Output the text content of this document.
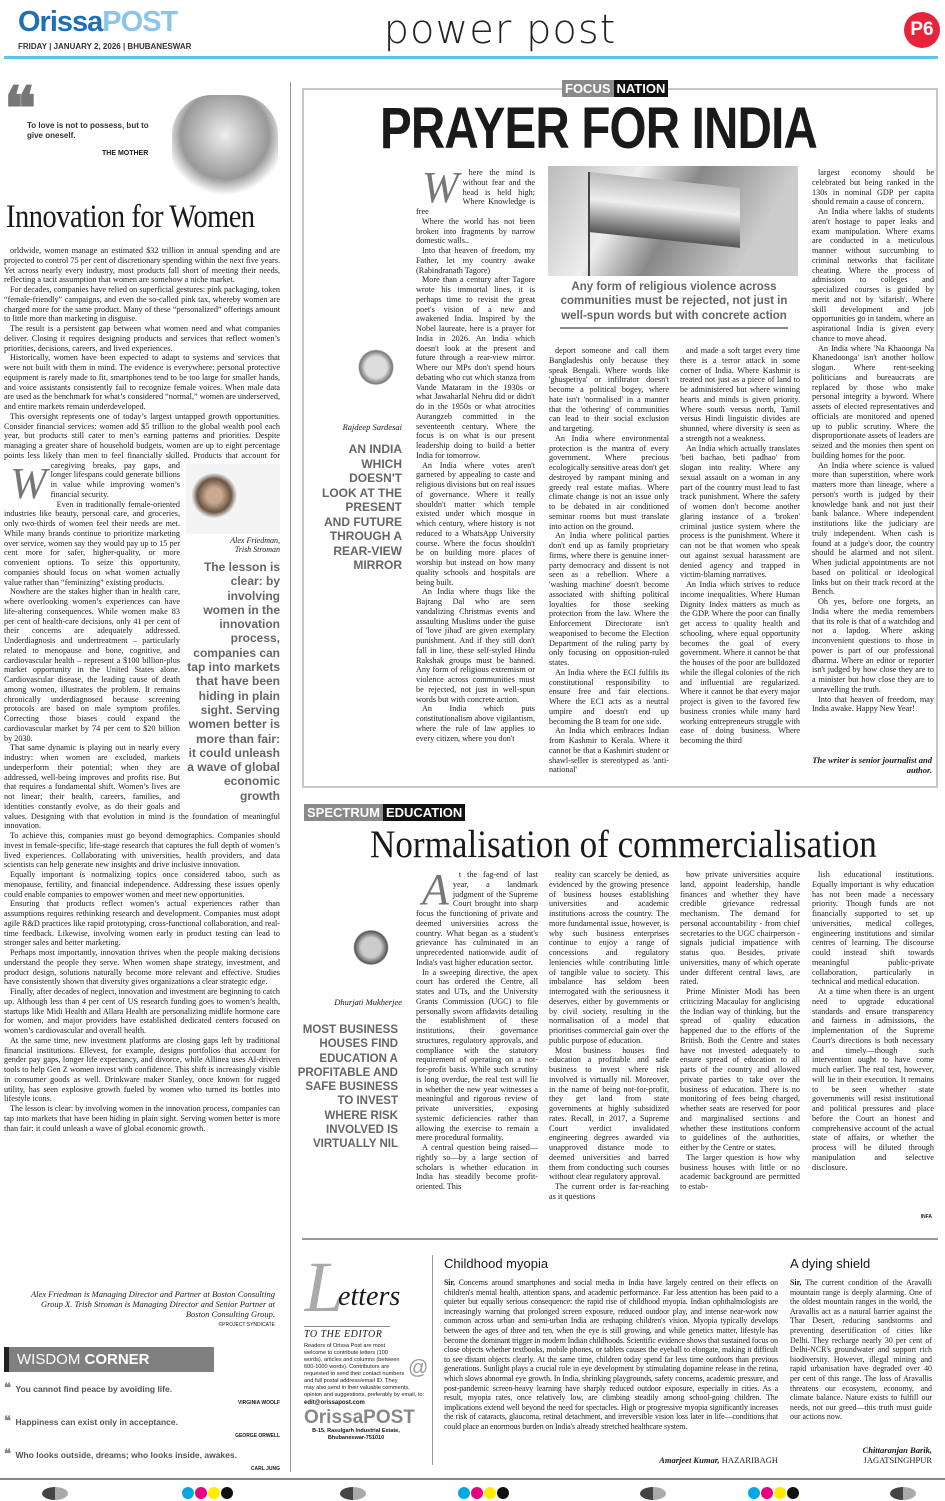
OrissaPOST
FRIDAY | JANUARY 2, 2026 | BHUBANESWAR	power post	P6
❝
To love is not to possess, but to give oneself.
THE MOTHER
Innovation for Women
Alex Friedman,
Trish Stroman
The lesson is clear: by involving women in the innovation process, companies can tap into markets that have been hiding in plain sight. Serving women better is more than fair: it could unleash a wave of global economic growth

Worldwide, women manage an estimated $32 trillion in annual spending and are projected to control 75 per cent of discretionary spending within the next five years. Yet across nearly every industry, most products fall short of meeting their needs, reflecting a tacit assumption that women are somehow a niche market.

For decades, companies have relied on superficial gestures: pink packaging, token “female-friendly” campaigns, and even the so-called pink tax, whereby women are charged more for the same product. Many of these “personalized” offerings amount to little more than marketing in disguise.

The result is a persistent gap between what women need and what companies deliver. Closing it requires designing products and services that reflect women’s priorities, decisions, careers, and lived experiences.

Historically, women have been expected to adapt to systems and services that were not built with them in mind. The evidence is everywhere: personal protective equipment is rarely made to fit, smartphones tend to be too large for smaller hands, and voice assistants consistently fail to recognize female voices. When male data are used as the benchmark for what’s considered “normal,” women are underserved, and entire markets remain underdeveloped.

This oversight represents one of today’s largest untapped growth opportunities. Consider financial services: women add $5 trillion to the global wealth pool each year, but products still cater to men’s earning patterns and priorities. Despite managing a greater share of household budgets, women are up to eight percentage points less likely than men to feel financially skilled. Products that account for caregiving breaks, pay gaps, and longer lifespans could generate billions in value while improving women’s financial security.

Even in traditionally female-oriented industries like beauty, personal care, and groceries, only two-thirds of women feel their needs are met. While many brands continue to prioritize marketing over service, women say they would pay up to 15 per cent more for safer, higher-quality, or more convenient options. To seize this opportunity, companies should focus on what women actually value rather than “feminizing” existing products.

Nowhere are the stakes higher than in health care, where overlooking women’s experiences can have life-altering consequences. While women make 83 per cent of health-care decisions, only 41 per cent of their concerns are adequately addressed. Underdiagnosis and undertreatment – particularly related to menopause and bone, cognitive, and cardiovascular health – represent a $100 billion-plus market opportunity in the United States alone. Cardiovascular disease, the leading cause of death among women, illustrates the problem. It remains chronically underdiagnosed because screening protocols are based on male symptom profiles. Correcting those biases could expand the cardiovascular market by 74 per cent to $20 billion by 2030.

That same dynamic is playing out in nearly every industry: when women are excluded, markets underperform their potential; when they are addressed, well-being improves and profits rise. But that requires a fundamental shift. Women’s lives are not linear; their health, careers, families, and identities constantly evolve, as do their goals and values. Designing with that evolution in mind is the foundation of meaningful innovation.

To achieve this, companies must go beyond demographics. Companies should invest in female-specific, life-stage research that captures the full depth of women’s lived experiences. Collaborating with universities, health providers, and data scientists can help generate new insights and drive inclusive innovation.

Equally important is normalizing topics once considered taboo, such as menopause, fertility, and financial independence. Addressing these issues openly could enable companies to empower women and meet new opportunities.

Ensuring that products reflect women’s actual experiences rather than assumptions requires rethinking research and development. Companies must adopt agile R&D practices like rapid prototyping, cross-functional collaboration, and real-time feedback. Likewise, involving women early in product testing can lead to stronger sales and better marketing.

Perhaps most importantly, innovation thrives when the people making decisions understand the people they serve. When women shape strategy, investment, and product design, solutions naturally become more relevant and effective. Studies have consistently shown that diversity gives organizations a clear strategic edge.

Finally, after decades of neglect, innovation and investment are beginning to catch up. Although less than 4 per cent of US research funding goes to women’s health, startups like Midi Health and Allara Health are personalizing midlife hormone care for women, and major providers have established dedicated centers focused on women’s cardiovascular and overall health.

At the same time, new investment platforms are closing gaps left by traditional financial institutions. Ellevest, for example, designs portfolios that account for gender pay gaps, longer life expectancy, and divorce, while Allinea uses AI-driven tools to help Gen Z women invest with confidence. This shift is increasingly visible in consumer goods as well. Drinkware maker Stanley, once known for rugged utility, has seen explosive growth fueled by women who turned its bottles into lifestyle icons.

The lesson is clear: by involving women in the innovation process, companies can tap into markets that have been hiding in plain sight. Serving women better is more than fair: it could unleash a wave of global economic growth.

Alex Friedman is Managing Director and Partner at Boston Consulting Group X. Trish Stroman is Managing Director and Senior Partner at Boston Consulting Group.
©PROJECT SYNDICATE
WISDOM CORNER
❝ You cannot find peace by avoiding life.
VIRGINIA WOOLF
❝ Happiness can exist only in acceptance.
GEORGE ORWELL
❝ Who looks outside, dreams; who looks inside, awakes.
CARL JUNG
FOCUS NATION
PRAYER FOR INDIA
Rajdeep Sardesai
AN INDIA WHICH DOESN'T LOOK AT THE PRESENT AND FUTURE THROUGH A REAR-VIEW MIRROR

Where the mind is without fear and the head is held high; Where Knowledge is free

Where the world has not been broken into fragments by narrow domestic walls..

Into that heaven of freedom, my Father, let my country awake (Rabindranath Tagore)

More than a century after Tagore wrote his immortal lines, it is perhaps time to revisit the great poet's vision of a new and awakened India. Inspired by the Nobel laureate, here is a prayer for India in 2026. An India which doesn't look at the present and future through a rear-view mirror. Where our MPs don't spend hours debating who cut which stanza from Vande Mataram in the 1930s or what Jawaharlal Nehru did or didn't do in the 1950s or what atrocities Aurangzeb committed in the seventeenth century. Where the focus is on what is our present leadership doing to build a better India for tomorrow.

An India where votes aren't garnered by appealing to caste and religious divisions but on real issues of governance. Where it really shouldn't matter which temple existed under which mosque in which century, where history is not reduced to a WhatsApp University course. Where the focus shouldn't be on building more places of worship but instead on how many quality schools and hospitals are being built.

An India where thugs like the Bajrang Dal who are seen vandalizing Christmas events and assaulting Muslims under the guise of 'love jihad' are given exemplary punishment. And if they still don't fall in line, these self-styled Hindu Rakshak groups must be banned. Any form of religious extremism or violence across communities must be rejected, not just in well-spun words but with concrete action.

An India which puts constitutionalism above vigilantism, where the rule of law applies to every citizen, where you don't

Any form of religious violence across communities must be rejected, not just in well-spun words but with concrete action

deport someone and call them Bangladeshis only because they speak Bengali. Where words like 'ghuspetiya' or infiltrator doesn't become a political bogey, where hate isn't 'normalised' in a manner that the 'othering' of communities can lead to their social exclusion and targeting.

An India where environmental protection is the mantra of every government. Where precious ecologically sensitive areas don't get destroyed by rampant mining and greedy real estate mafias. Where climate change is not an issue only to be debated in air conditioned seminar rooms but must translate into action on the ground.

An India where political parties don't end up as family proprietary firms, where there is genuine inner-party democracy and dissent is not seen as a rebellion. Where a 'washing machine' doesn't become associated with shifting political loyalties for those seeking protection from the law. Where the Enforcement Directorate isn't weaponised to become the Election Department of the ruling party by only focusing on opposition-ruled states.

An India where the ECI fulfils its constitutional responsibility to ensure free and fair elections. Where the ECI acts as a neutral umpire and doesn't end up becoming the B team for one side.

An India which embraces Indian from Kashmir to Kerala. Where it cannot be that a Kashmiri student or shawl-seller is stereotyped as 'anti-national'

and made a soft target every time there is a terror attack in some corner of India. Where Kashmir is treated not just as a piece of land to be administered but where winning hearts and minds is given priority. Where south versus north, Tamil versus Hindi linguistic divides are shunned, where diversity is seen as a strength not a weakness.

An India which actually translates 'beti bachao, beti padhao' from slogan into reality. Where any sexual assault on a woman in any part of the country must lead to fast track punishment. Where the safety of women don't become another glaring instance of a 'broken' criminal justice system where the process is the punishment. Where it can not be that women who speak out against sexual harassment are denied agency and trapped in victim-blaming narratives.

An India which strives to reduce income inequalities. Where Human Dignity Index matters as much as the GDP. Where the poor can finally get access to quality health and schooling, where equal opportunity becomes the goal of every government. Where it cannot be that the houses of the poor are bulldozed while the illegal colonies of the rich and influential are regularized. Where it cannot be that every major project is given to the favored few business cronies while many hard working entrepreneurs struggle with ease of doing business. Where becoming the third

largest economy should be celebrated but being ranked in the 130s in nominal GDP per capita should remain a cause of concern.

An India where lakhs of students aren't hostage to paper leaks and exam manipulation. Where exams are conducted in a meticulous manner without succumbing to criminal networks that facilitate cheating. Where the process of admission to colleges and specialized courses is guided by merit and not by 'sifarish'. Where skill development and job opportunities go in tandem, where an aspirational India is given every chance to move ahead.

An India where 'Na Khaoonga Na Khanedoonga' isn't another hollow slogan. Where rent-seeking politicians and bureaucrats are replaced by those who make personal integrity a byword. Where assets of elected representatives and officials are monitored and opened up to public scrutiny. Where the disproportionate assets of leaders are seized and the monies then spent on building homes for the poor.

An India where science is valued more than superstition, where work matters more than lineage, where a person's worth is judged by their knowledge bank and not just their bank balance. Where independent institutions like the judiciary are truly independent. When cash is found at a judge's door, the country should be alarmed and not silent. When judicial appointments are not based on political or ideological links but on their track record at the Bench.

Oh yes, before one forgets, an India where the media remembers that its role is that of a watchdog and not a lapdog. Where asking inconvenient questions to those in power is part of our professional dharma. Where an editor or reporter isn't judged by how close they are to a minister but how close they are to unravelling the truth.

Into that heaven of freedom, may India awake. Happy New Year!

The writer is senior journalist and author.
SPECTRUM EDUCATION
Normalisation of commercialisation
Dhurjati Mukherjee
MOST BUSINESS HOUSES FIND EDUCATION A PROFITABLE AND SAFE BUSINESS TO INVEST WHERE RISK INVOLVED IS VIRTUALLY NIL

At the fag-end of last year, a landmark judgment of the Supreme Court brought into sharp focus the functioning of private and deemed universities across the country. What began as a student's grievance has culminated in an unprecedented nationwide audit of India's vast higher education sector.

In a sweeping directive, the apex court has ordered the Centre, all states and UTs, and the University Grants Commission (UGC) to file personally sworn affidavits detailing the establishment of these institutions, their governance structures, regulatory approvals, and compliance with the statutory requirement of operating on a not-for-profit basis. While such scrutiny is long overdue, the real test will lie in whether the new year witnesses a meaningful and rigorous review of private universities, exposing systemic deficiencies rather than allowing the exercise to remain a mere procedural formality.

A central question being raised—rightly so—by a large section of scholars is whether education in India has steadily become profit-oriented. This

reality can scarcely be denied, as evidenced by the growing presence of business houses establishing universities and academic institutions across the country. The more fundamental issue, however, is why such business enterprises continue to enjoy a range of concessions and regulatory leniencies while contributing little of tangible value to society. This imbalance has seldom been interrogated with the seriousness it deserves, either by governments or by civil society, resulting in the normalisation of a model that prioritises commercial gain over the public purpose of education.

Most business houses find education a profitable and safe business to invest where risk involved is virtually nil. Moreover, in the name of being not-for-profit, they get land from state governments at highly subsidized rates. Recall, in 2017, a Supreme Court verdict invalidated engineering degrees awarded via unapproved distance mode to deemed universities and barred them from conducting such courses without clear regulatory approval.

The current order is far-reaching as it questions

how private universities acquire land, appoint leadership, handle finances and whether they have credible grievance redressal mechanism. The demand for personal accountability - from chief secretaries to the UGC chairperson - signals judicial impatience with status quo. Besides, private universities, many of which operate under different central laws, are rated.

Prime Minister Modi has been criticizing Macaulay for anglicising the Indian way of thinking, but the spread of quality education happened due to the efforts of the British. Both the Centre and states have not invested adequately to ensure spread of education to all parts of the country and allowed private parties to take over the business of education. There is no monitoring of fees being charged, whether seats are reserved for poor and marginalised sections and whether these institutions conform to guidelines of the authorities, either by the Centre or states.

The larger question is how why business houses with little or no academic background are permitted to estab-

lish educational institutions. Equally important is why education has not been made a necessary priority. Though funds are not financially supported to set up universities, medical colleges, engineering institutions and similar centres of learning. The discourse could instead shift towards meaningful public-private collaboration, particularly in technical and medical education.

At a time when there is an urgent need to upgrade educational standards and ensure transparency and fairness in admissions, the implementation of the Supreme Court's directions is both necessary and timely—though such intervention ought to have come much earlier. The real test, however, will lie in their execution. It remains to be seen whether state governments will resist institutional and political pressures and place before the Court an honest and comprehensive account of the actual state of affairs, or whether the process will be diluted through manipulation and selective disclosure.

INFA
L
etters
TO THE EDITOR
@
Readers of Orissa Post are most welcome to contribute letters (100 words), articles and columns (between 600-1000 words). Contributors are requested to send their contact numbers and full postal address/email ID. They may also send in their valuable comments, opinion and suggestions, preferably by email, to:
edit@orissapost.com
OrissaPOST
B-15, Rasulgarh Industrial Estate, Bhubaneswar-751010
Childhood myopia
Sir, Concerns around smartphones and social media in India have largely centred on their effects on children's mental health, attention spans, and academic performance. Far less attention has been paid to a quieter but equally serious consequence: the rapid rise of childhood myopia. Indian ophthalmologists are increasingly warning that prolonged screen exposure, reduced outdoor play, and intense near-work now common across urban and semi-urban India are reshaping children's vision. Myopia typically develops between the ages of three and ten, when the eye is still growing, and while genetics matter, lifestyle has become the dominant trigger in modern Indian childhoods. Scientific evidence shows that sustained focus on close objects whether textbooks, mobile phones, or tablets causes the eyeball to elongate, making it difficult to see distant objects clearly. At the same time, children today spend far less time outdoors than previous generations. Sunlight plays a crucial role in eye development by stimulating dopamine release in the retina, which slows abnormal eye growth. In India, shrinking playgrounds, safety concerns, academic pressure, and post-pandemic screen-heavy learning have sharply reduced outdoor exposure, especially in cities. As a result, myopia rates, once relatively low, are climbing steadily among school-going children. The implications extend well beyond the need for spectacles. High or progressive myopia significantly increases the risk of cataracts, glaucoma, retinal detachment, and irreversible vision loss later in life—conditions that could place an enormous burden on India's already stretched healthcare system.
Amarjeet Kumar, HAZARIBAGH
A dying shield
Sir, The current condition of the Aravalli mountain range is deeply alarming. One of the oldest mountain ranges in the world, the Aravallis act as a natural barrier against the Thar Desert, reducing sandstorms and preventing desertification of cities like Delhi. They recharge nearly 30 per cent of Delhi-NCR's groundwater and support rich biodiversity. However, illegal mining and rapid urbanisation have degraded over 40 per cent of this range. The loss of Aravallis threatens our ecosystem, economy, and climate balance. Nature exists to fulfill our needs, not our greed—this truth must guide our actions now.
Chittaranjan Barik,
JAGATSINGHPUR
